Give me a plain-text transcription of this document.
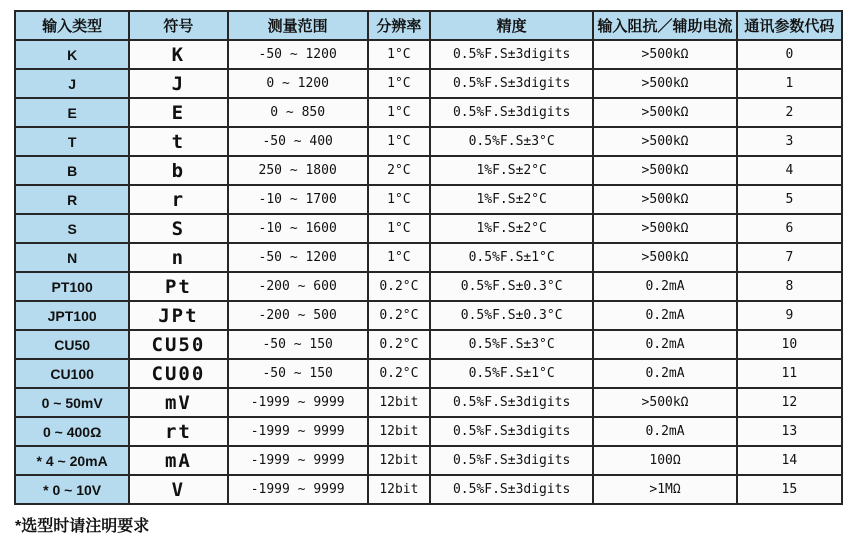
输入类型	符号	测量范围	分辨率	精度	输入阻抗／辅助电流	通讯参数代码
K	K	-50 ~ 1200	1°C	0.5%F.S±3digits	>500kΩ	0
J	J	0 ~ 1200	1°C	0.5%F.S±3digits	>500kΩ	1
E	E	0 ~ 850	1°C	0.5%F.S±3digits	>500kΩ	2
T	t	-50 ~ 400	1°C	0.5%F.S±3°C	>500kΩ	3
B	b	250 ~ 1800	2°C	1%F.S±2°C	>500kΩ	4
R	r	-10 ~ 1700	1°C	1%F.S±2°C	>500kΩ	5
S	S	-10 ~ 1600	1°C	1%F.S±2°C	>500kΩ	6
N	n	-50 ~ 1200	1°C	0.5%F.S±1°C	>500kΩ	7
PT100	Pt	-200 ~ 600	0.2°C	0.5%F.S±0.3°C	0.2mA	8
JPT100	JPt	-200 ~ 500	0.2°C	0.5%F.S±0.3°C	0.2mA	9
CU50	CU50	-50 ~ 150	0.2°C	0.5%F.S±3°C	0.2mA	10
CU100	CU00	-50 ~ 150	0.2°C	0.5%F.S±1°C	0.2mA	11
0 ~ 50mV	mV	-1999 ~ 9999	12bit	0.5%F.S±3digits	>500kΩ	12
0 ~ 400Ω	rt	-1999 ~ 9999	12bit	0.5%F.S±3digits	0.2mA	13
* 4 ~ 20mA	mA	-1999 ~ 9999	12bit	0.5%F.S±3digits	100Ω	14
* 0 ~ 10V	V	-1999 ~ 9999	12bit	0.5%F.S±3digits	>1MΩ	15
*选型时请注明要求
